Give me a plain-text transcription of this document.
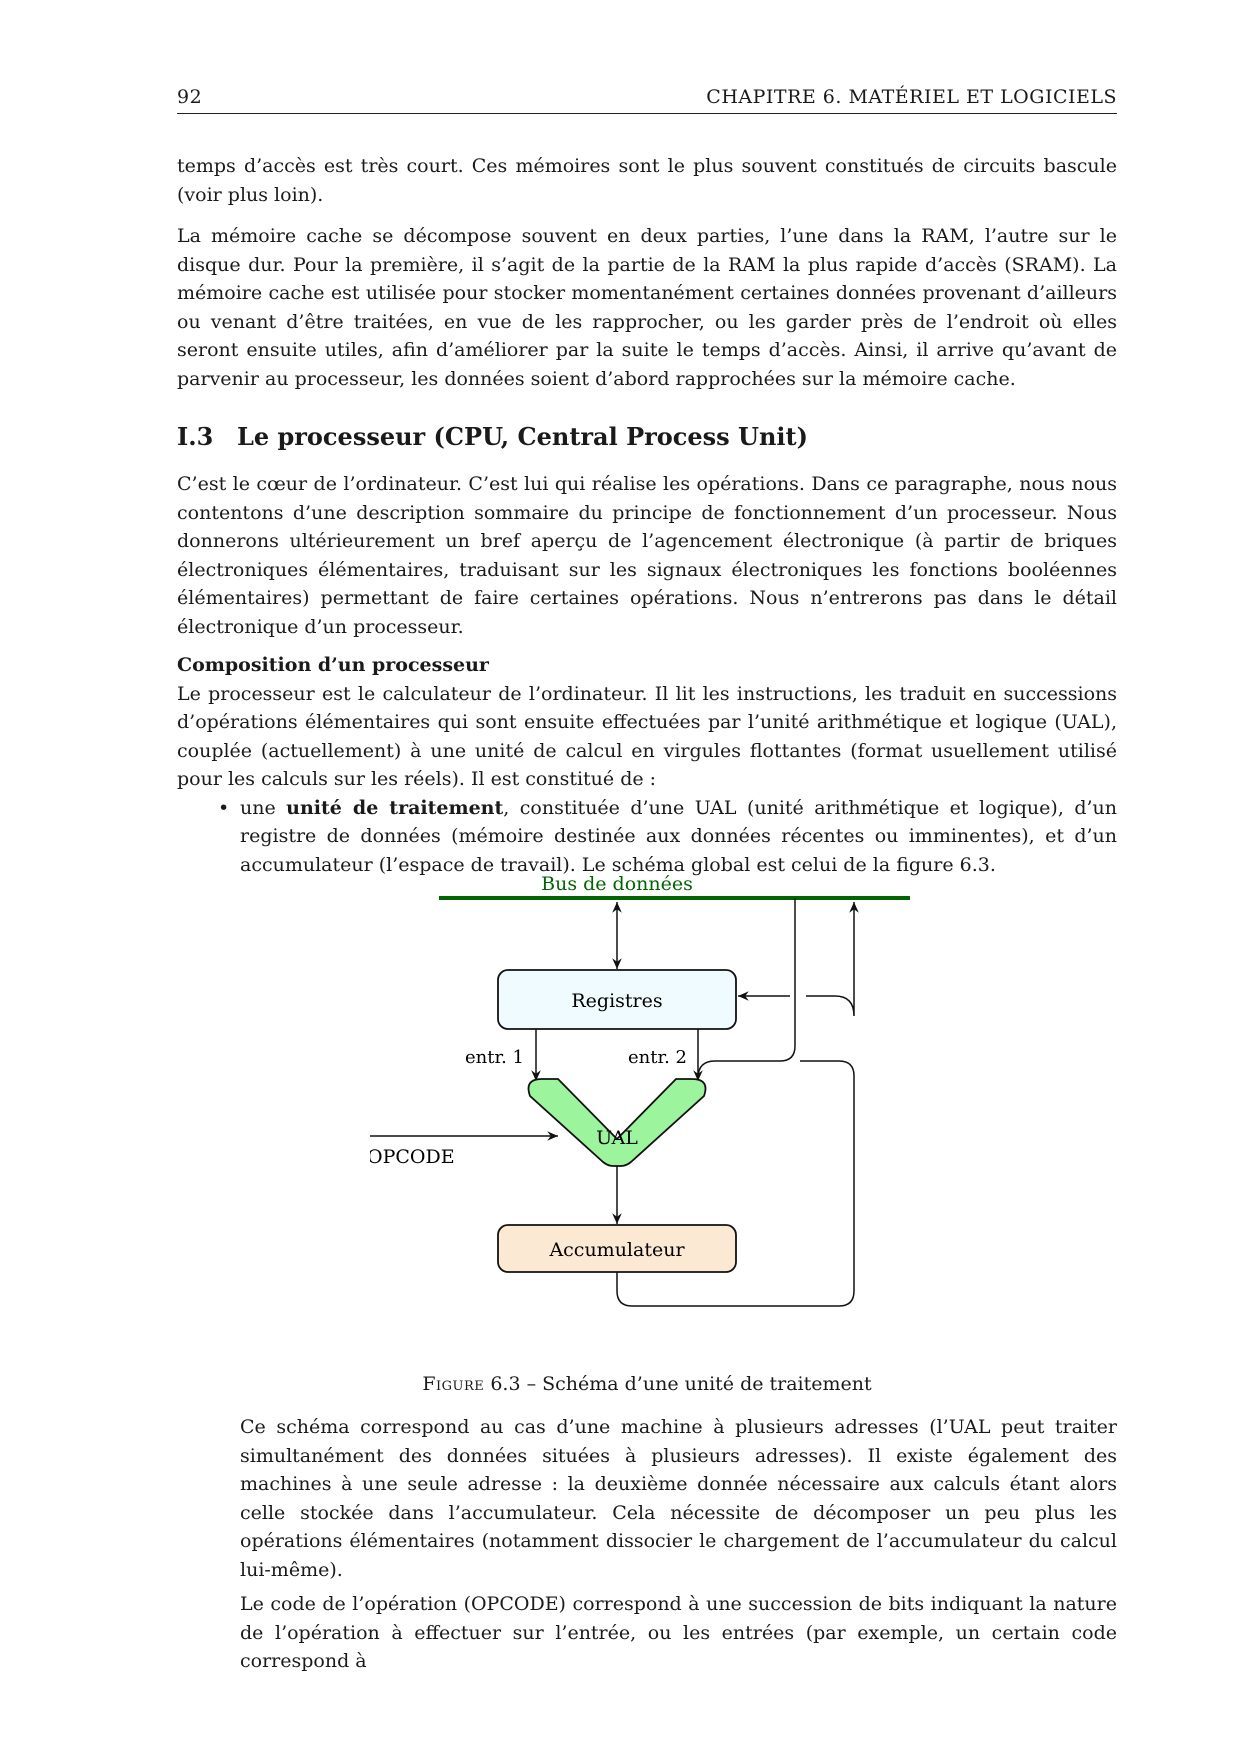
92	CHAPITRE 6. MATÉRIEL ET LOGICIELS

temps d’accès est très court. Ces mémoires sont le plus souvent constitués de circuits bascule (voir plus loin).

La mémoire cache se décompose souvent en deux parties, l’une dans la RAM, l’autre sur le disque dur. Pour la première, il s’agit de la partie de la RAM la plus rapide d’accès (SRAM). La mémoire cache est utilisée pour stocker momentanément certaines données provenant d’ailleurs ou venant d’être traitées, en vue de les rapprocher, ou les garder près de l’endroit où elles seront ensuite utiles, afin d’améliorer par la suite le temps d’accès. Ainsi, il arrive qu’avant de parvenir au processeur, les données soient d’abord rapprochées sur la mémoire cache.

I.3 Le processeur (CPU, Central Process Unit)

C’est le cœur de l’ordinateur. C’est lui qui réalise les opérations. Dans ce paragraphe, nous nous contentons d’une description sommaire du principe de fonctionnement d’un processeur. Nous donnerons ultérieurement un bref aperçu de l’agencement électronique (à partir de briques électroniques élémentaires, traduisant sur les signaux électroniques les fonctions booléennes élémentaires) permettant de faire certaines opérations. Nous n’entrerons pas dans le détail électronique d’un processeur.

Composition d’un processeur

Le processeur est le calculateur de l’ordinateur. Il lit les instructions, les traduit en successions d’opérations élémentaires qui sont ensuite effectuées par l’unité arithmétique et logique (UAL), couplée (actuellement) à une unité de calcul en virgules flottantes (format usuellement utilisé pour les calculs sur les réels). Il est constitué de :

• une unité de traitement, constituée d’une UAL (unité arithmétique et logique), d’un registre de données (mémoire destinée aux données récentes ou imminentes), et d’un accumulateur (l’espace de travail). Le schéma global est celui de la figure 6.3.
Bus de données
Registres
entr. 1	entr. 2
UAL
OPCODE
Accumulateur
Figure 6.3 – Schéma d’une unité de traitement

Ce schéma correspond au cas d’une machine à plusieurs adresses (l’UAL peut traiter simultanément des données situées à plusieurs adresses). Il existe également des machines à une seule adresse : la deuxième donnée nécessaire aux calculs étant alors celle stockée dans l’accumulateur. Cela nécessite de décomposer un peu plus les opérations élémentaires (notamment dissocier le chargement de l’accumulateur du calcul lui-même).

Le code de l’opération (OPCODE) correspond à une succession de bits indiquant la nature de l’opération à effectuer sur l’entrée, ou les entrées (par exemple, un certain code correspond à
